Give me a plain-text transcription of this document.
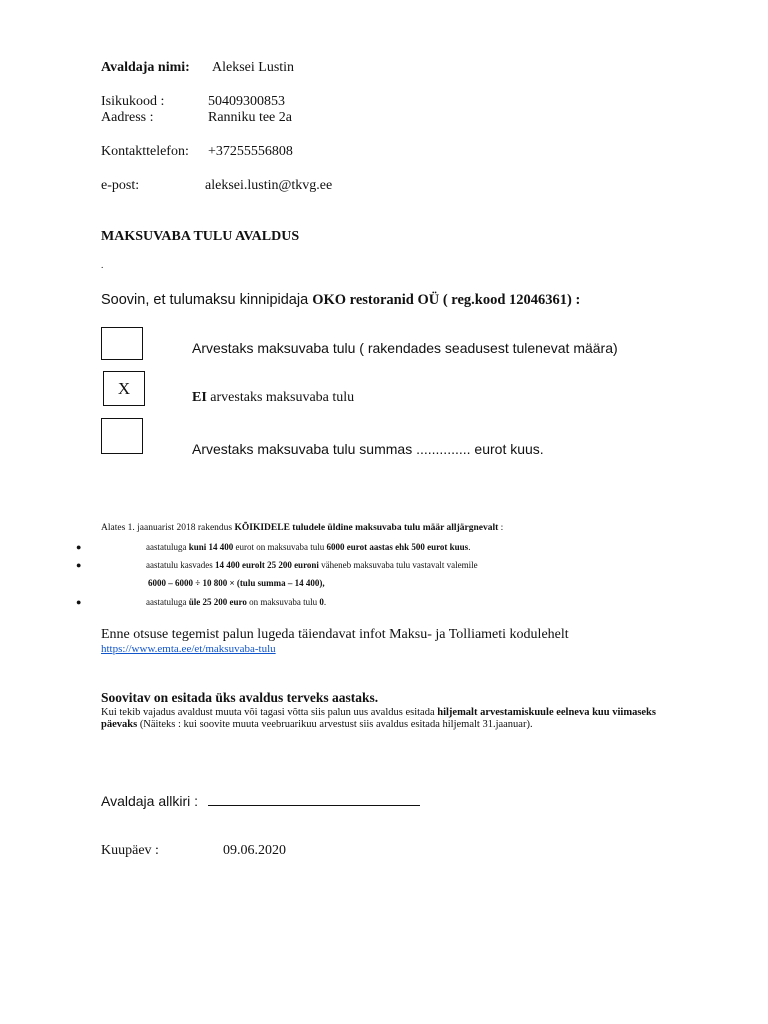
Avaldaja nimi: Aleksei Lustin
Isikukood :	50409300853
Aadress :	Ranniku tee 2a
Kontakttelefon: +37255556808
e-post:	aleksei.lustin@tkvg.ee
MAKSUVABA TULU AVALDUS
.
Soovin, et tulumaksu kinnipidaja OKO restoranid OÜ ( reg.kood 12046361) :
Arvestaks maksuvaba tulu ( rakendades seadusest tulenevat määra)
X	EI arvestaks maksuvaba tulu
Arvestaks maksuvaba tulu summas .............. eurot kuus.
Alates 1. jaanuarist 2018 rakendus KÕIKIDELE tuludele üldine maksuvaba tulu määr alljärgnevalt :
●	aastatuluga kuni 14 400 eurot on maksuvaba tulu 6000 eurot aastas ehk 500 eurot kuus.
●	aastatulu kasvades 14 400 eurolt 25 200 euroni väheneb maksuvaba tulu vastavalt valemile
6000 – 6000 ÷ 10 800 × (tulu summa – 14 400),
●	aastatuluga üle 25 200 euro on maksuvaba tulu 0.
Enne otsuse tegemist palun lugeda täiendavat infot Maksu- ja Tolliameti kodulehelt
https://www.emta.ee/et/maksuvaba-tulu
Soovitav on esitada üks avaldus terveks aastaks.
Kui tekib vajadus avaldust muuta või tagasi võtta siis palun uus avaldus esitada hiljemalt arvestamiskuule eelneva kuu viimaseks päevaks (Näiteks : kui soovite muuta veebruarikuu arvestust siis avaldus esitada hiljemalt 31.jaanuar).
Avaldaja allkiri :
Kuupäev :	09.06.2020
